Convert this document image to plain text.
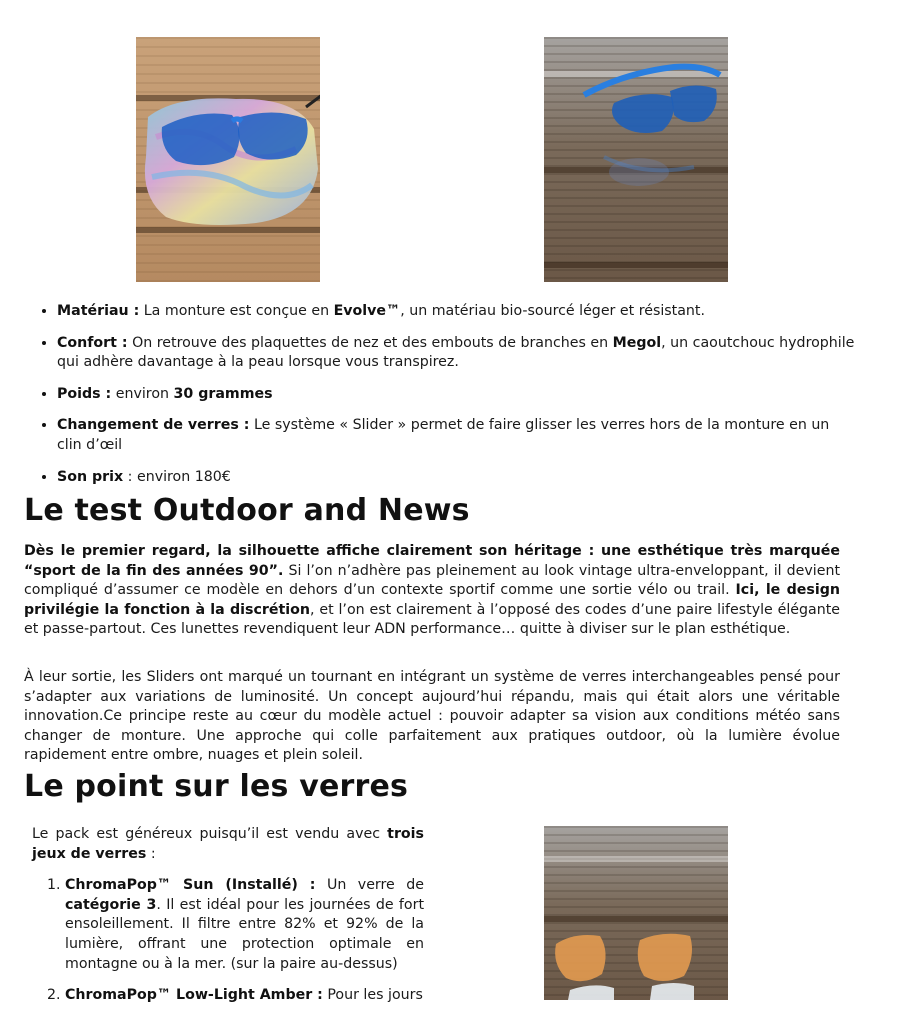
• Matériau : La monture est conçue en Evolve™, un matériau bio-sourcé léger et résistant.
• Confort : On retrouve des plaquettes de nez et des embouts de branches en Megol, un caoutchouc hydrophile qui adhère davantage à la peau lorsque vous transpirez.
• Poids : environ 30 grammes
• Changement de verres : Le système « Slider » permet de faire glisser les verres hors de la monture en un clin d’œil
• Son prix : environ 180€
Le test Outdoor and News

Dès le premier regard, la silhouette affiche clairement son héritage : une esthétique très marquée “sport de la fin des années 90”. Si l’on n’adhère pas pleinement au look vintage ultra-enveloppant, il devient compliqué d’assumer ce modèle en dehors d’un contexte sportif comme une sortie vélo ou trail. Ici, le design privilégie la fonction à la discrétion, et l’on est clairement à l’opposé des codes d’une paire lifestyle élégante et passe-partout. Ces lunettes revendiquent leur ADN performance… quitte à diviser sur le plan esthétique.

À leur sortie, les Sliders ont marqué un tournant en intégrant un système de verres interchangeables pensé pour s’adapter aux variations de luminosité. Un concept aujourd’hui répandu, mais qui était alors une véritable innovation.Ce principe reste au cœur du modèle actuel : pouvoir adapter sa vision aux conditions météo sans changer de monture. Une approche qui colle parfaitement aux pratiques outdoor, où la lumière évolue rapidement entre ombre, nuages et plein soleil.

Le point sur les verres

Le pack est généreux puisqu’il est vendu avec trois jeux de verres :

1. ChromaPop™ Sun (Installé) : Un verre de catégorie 3. Il est idéal pour les journées de fort ensoleillement. Il filtre entre 82% et 92% de la lumière, offrant une protection optimale en montagne ou à la mer. (sur la paire au-dessus)
2. ChromaPop™ Low-Light Amber : Pour les jours
